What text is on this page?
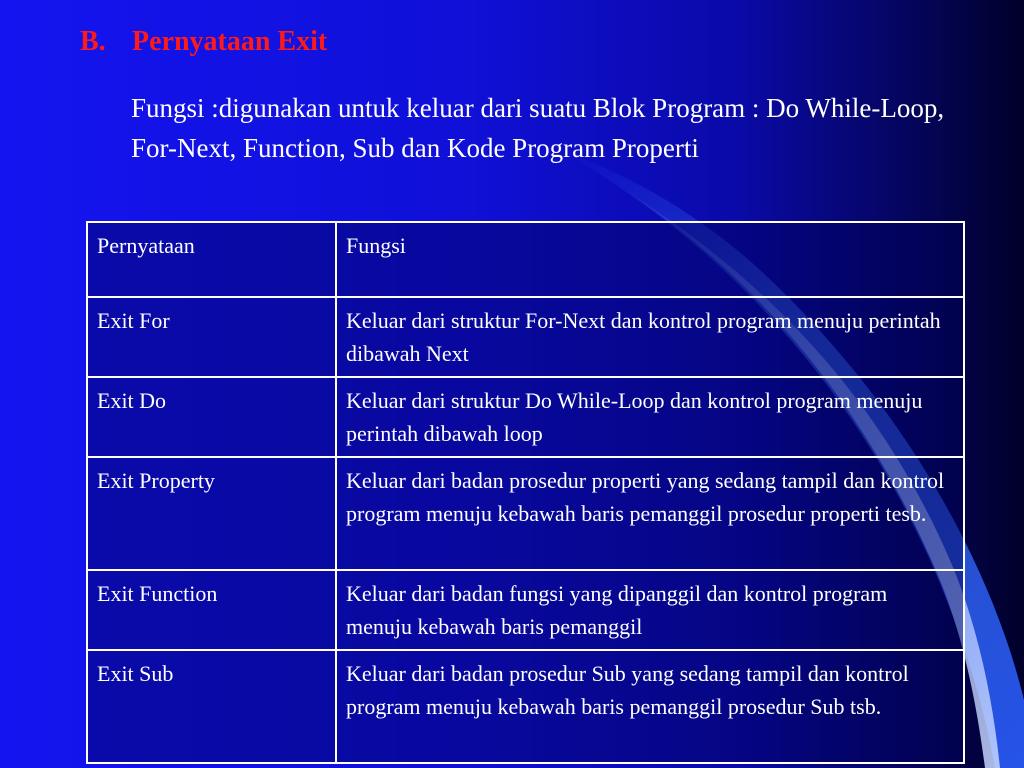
B. Pernyataan Exit
Fungsi :digunakan untuk keluar dari suatu Blok Program : Do While-Loop, For-Next, Function, Sub dan Kode Program Properti
Pernyataan	Fungsi
Exit For	Keluar dari struktur For-Next dan kontrol program menuju perintah dibawah Next
Exit Do	Keluar dari struktur Do While-Loop dan kontrol program menuju perintah dibawah loop
Exit Property	Keluar dari badan prosedur properti yang sedang tampil dan kontrol program menuju kebawah baris pemanggil prosedur properti tesb.
Exit Function	Keluar dari badan fungsi yang dipanggil dan kontrol program menuju kebawah baris pemanggil
Exit Sub	Keluar dari badan prosedur Sub yang sedang tampil dan kontrol program menuju kebawah baris pemanggil prosedur Sub tsb.
